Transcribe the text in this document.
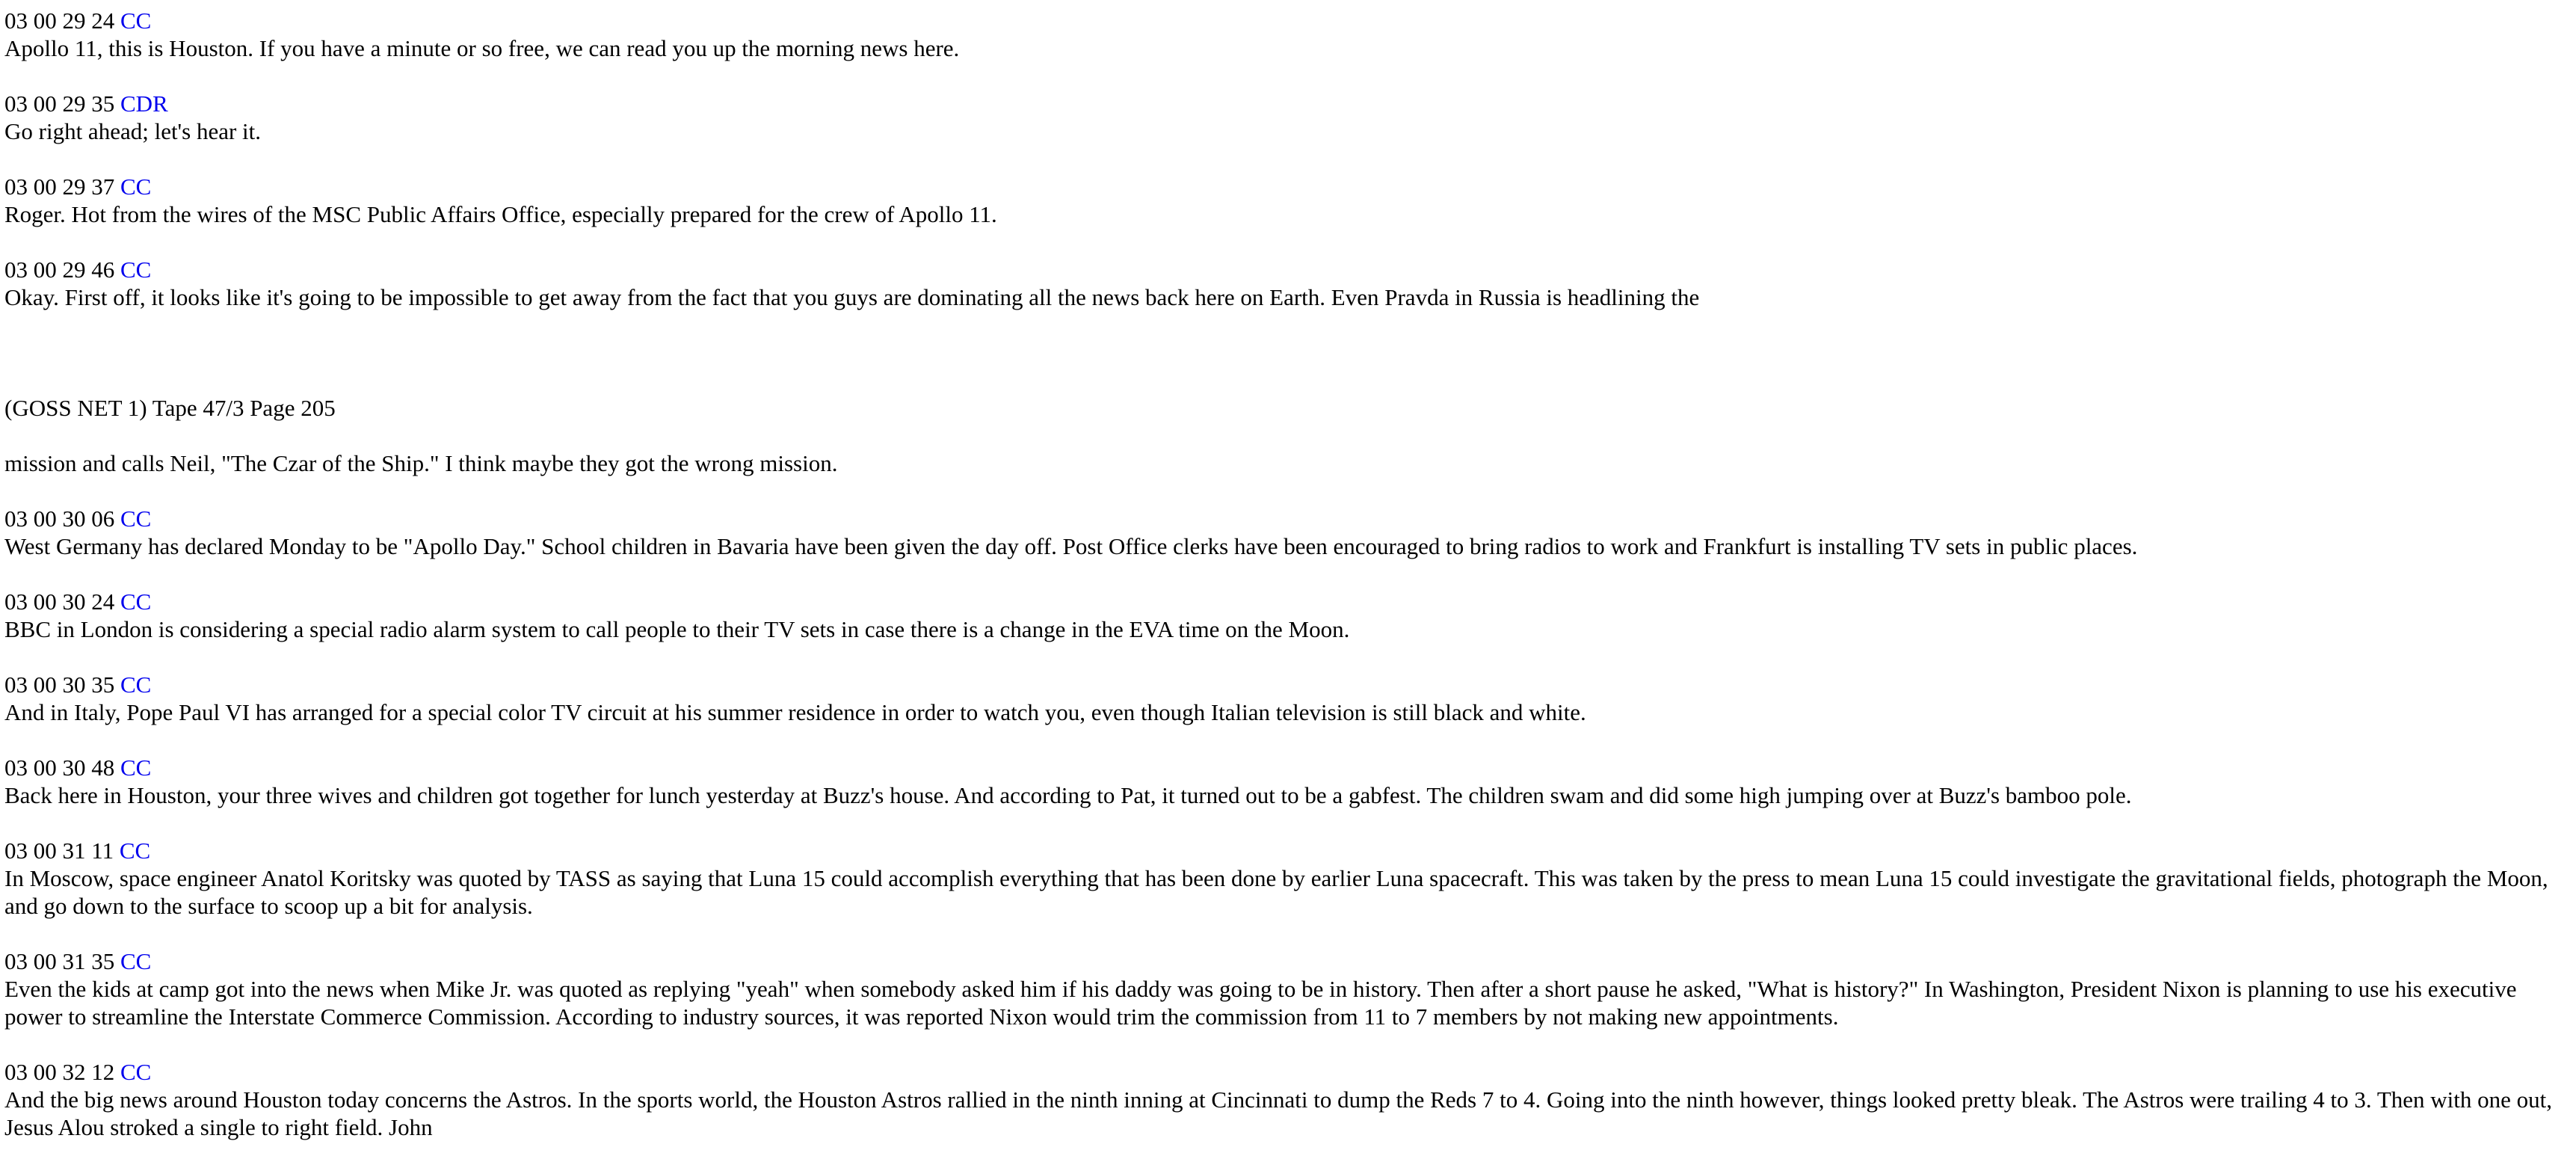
03 00 29 24 CC
Apollo 11, this is Houston. If you have a minute or so free, we can read you up the morning news here.
03 00 29 35 CDR
Go right ahead; let's hear it.
03 00 29 37 CC
Roger. Hot from the wires of the MSC Public Affairs Office, especially prepared for the crew of Apollo 11.
03 00 29 46 CC
Okay. First off, it looks like it's going to be impossible to get away from the fact that you guys are dominating all the news back here on Earth. Even Pravda in Russia is headlining the
(GOSS NET 1) Tape 47/3 Page 205
mission and calls Neil, "The Czar of the Ship." I think maybe they got the wrong mission.
03 00 30 06 CC
West Germany has declared Monday to be "Apollo Day." School children in Bavaria have been given the day off. Post Office clerks have been encouraged to bring radios to work and Frankfurt is installing TV sets in public places.
03 00 30 24 CC
BBC in London is considering a special radio alarm system to call people to their TV sets in case there is a change in the EVA time on the Moon.
03 00 30 35 CC
And in Italy, Pope Paul VI has arranged for a special color TV circuit at his summer residence in order to watch you, even though Italian television is still black and white.
03 00 30 48 CC
Back here in Houston, your three wives and children got together for lunch yesterday at Buzz's house. And according to Pat, it turned out to be a gabfest. The children swam and did some high jumping over at Buzz's bamboo pole.
03 00 31 11 CC
In Moscow, space engineer Anatol Koritsky was quoted by TASS as saying that Luna 15 could accomplish everything that has been done by earlier Luna spacecraft. This was taken by the press to mean Luna 15 could investigate the gravitational fields, photograph the Moon, and go down to the surface to scoop up a bit for analysis.
03 00 31 35 CC
Even the kids at camp got into the news when Mike Jr. was quoted as replying "yeah" when somebody asked him if his daddy was going to be in history. Then after a short pause he asked, "What is history?" In Washington, President Nixon is planning to use his executive power to streamline the Interstate Commerce Commission. According to industry sources, it was reported Nixon would trim the commission from 11 to 7 members by not making new appointments.
03 00 32 12 CC
And the big news around Houston today concerns the Astros. In the sports world, the Houston Astros rallied in the ninth inning at Cincinnati to dump the Reds 7 to 4. Going into the ninth however, things looked pretty bleak. The Astros were trailing 4 to 3. Then with one out, Jesus Alou stroked a single to right field. John
